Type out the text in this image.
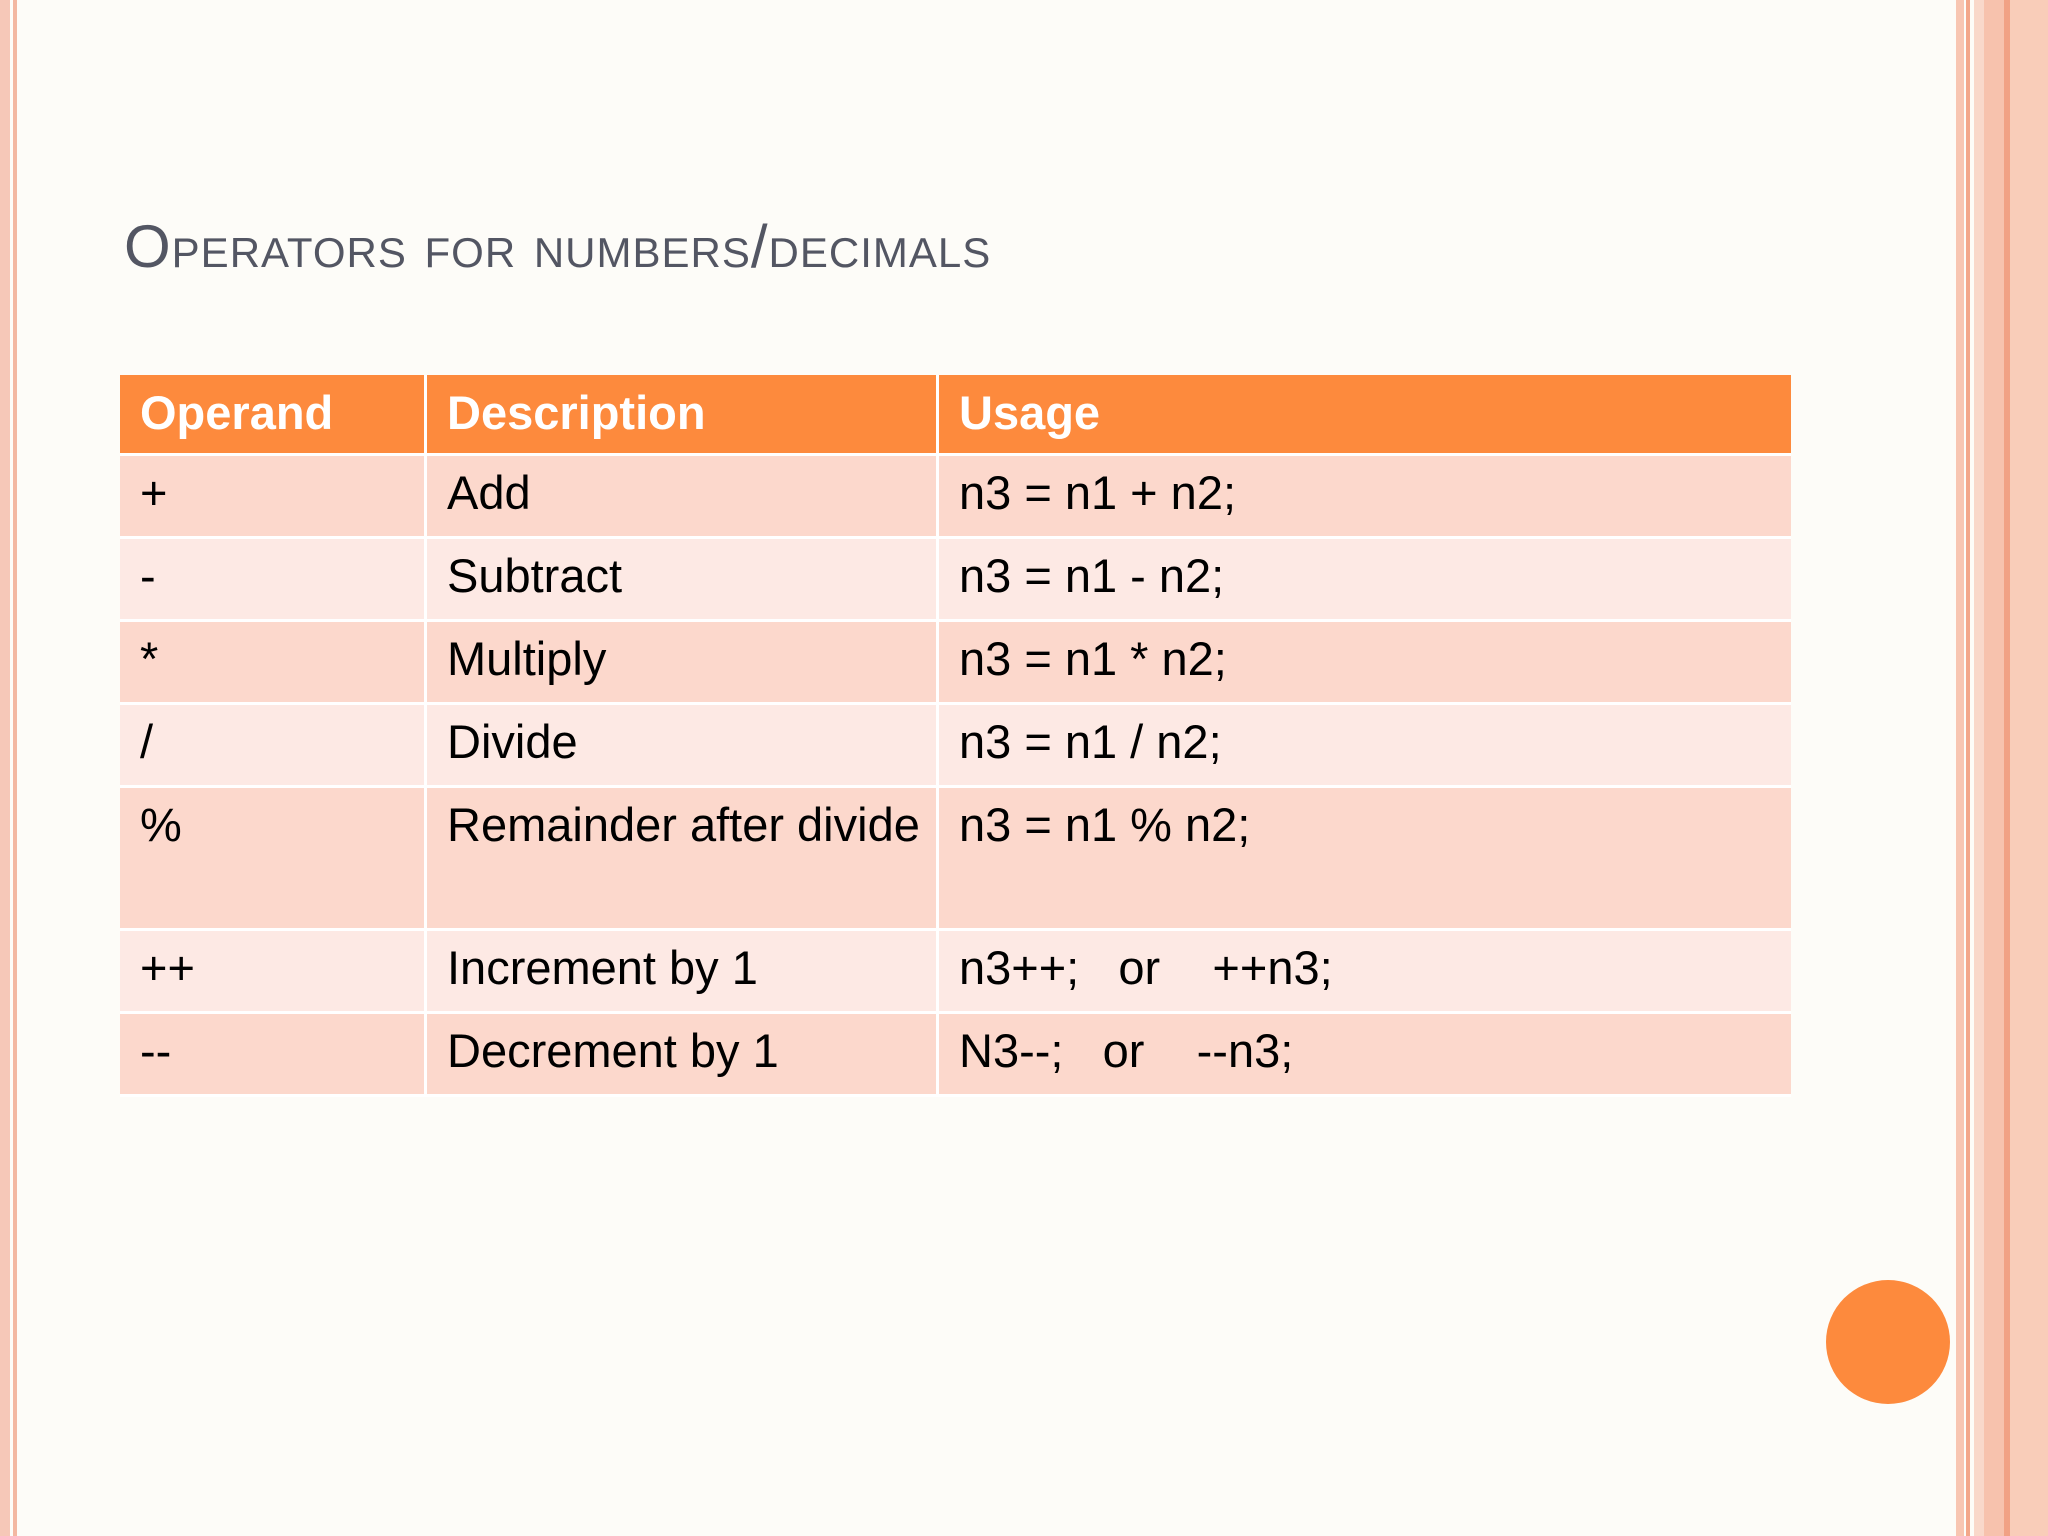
Operators for numbers/decimals
Operand	Description	Usage
+	Add	n3 = n1 + n2;
-	Subtract	n3 = n1 - n2;
*	Multiply	n3 = n1 * n2;
/	Divide	n3 = n1 / n2;
%	Remainder after divide	n3 = n1 % n2;
++	Increment by 1	n3++;   or    ++n3;
--	Decrement by 1	N3--;   or    --n3;
